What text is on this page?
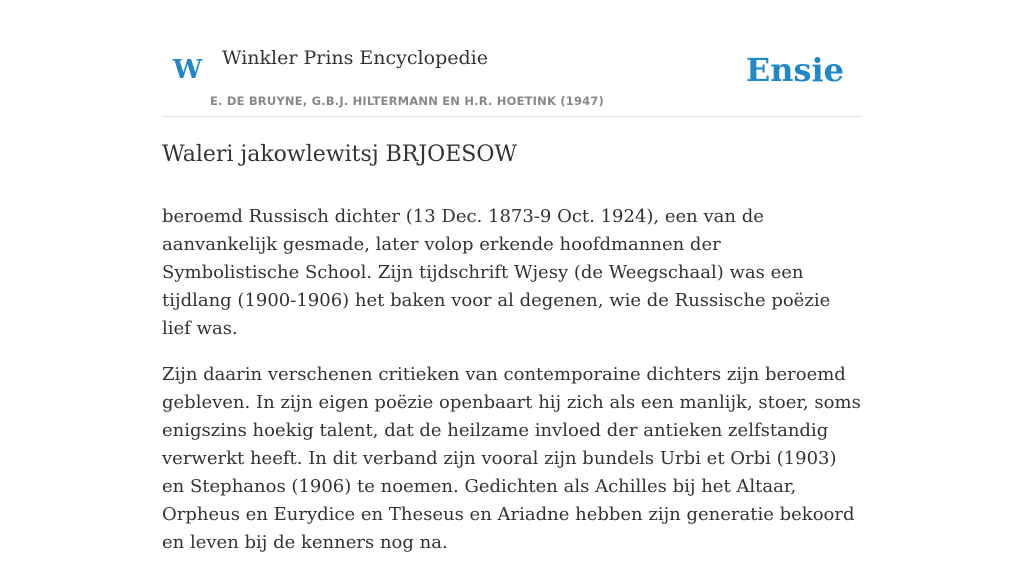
W Winkler Prins Encyclopedie
E. DE BRUYNE, G.B.J. HILTERMANN EN H.R. HOETINK (1947)
Ensie
Waleri jakowlewitsj BRJOESOW

beroemd Russisch dichter (13 Dec. 1873-9 Oct. 1924), een van de aanvankelijk gesmade, later volop erkende hoofdmannen der Symbolistische School. Zijn tijdschrift Wjesy (de Weegschaal) was een tijdlang (1900-1906) het baken voor al degenen, wie de Russische poëzie lief was.

Zijn daarin verschenen critieken van contemporaine dichters zijn beroemd gebleven. In zijn eigen poëzie openbaart hij zich als een manlijk, stoer, soms enigszins hoekig talent, dat de heilzame invloed der antieken zelfstandig verwerkt heeft. In dit verband zijn vooral zijn bundels Urbi et Orbi (1903) en Stephanos (1906) te noemen. Gedichten als Achilles bij het Altaar, Orpheus en Eurydice en Theseus en Ariadne hebben zijn generatie bekoord en leven bij de kenners nog na.
